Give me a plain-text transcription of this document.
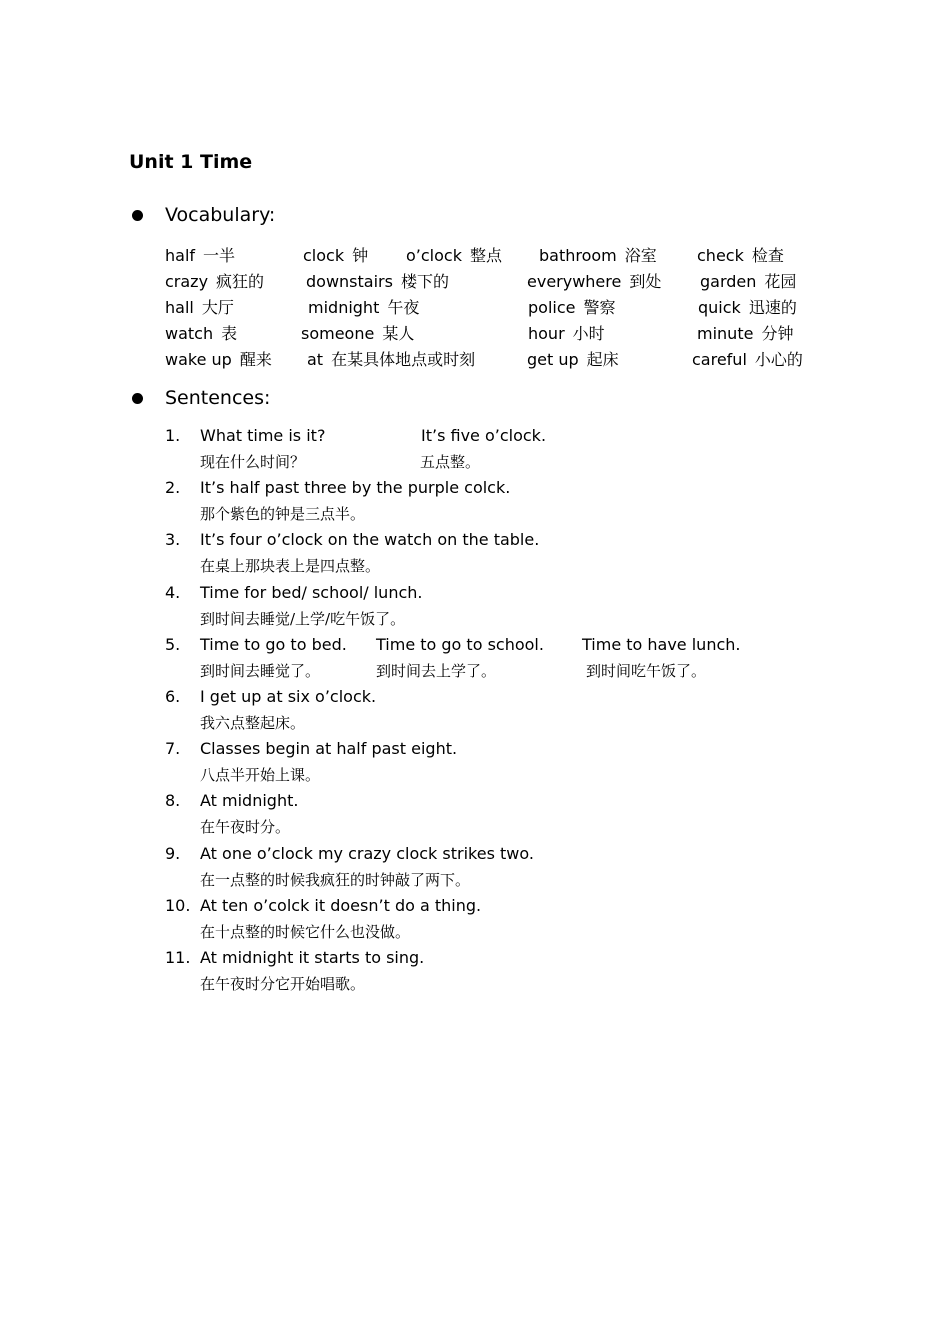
Unit 1 Time
Vocabulary:
half 一半	clock 钟 o’clock 整点 bathroom 浴室	check 检查
crazy 疯狂的	downstairs 楼下的	everywhere 到处 garden 花园
hall 大厅	midnight 午夜	police 警察	quick 迅速的
watch 表	someone 某人	hour 小时	minute 分钟
wake up 醒来 at 在某具体地点或时刻	get up 起床	careful 小心的
Sentences:
1. What time is it?	It’s five o’clock.
现在什么时间？	五点整。
2. It’s half past three by the purple colck.
那个紫色的钟是三点半。
3. It’s four o’clock on the watch on the table.
在桌上那块表上是四点整。
4. Time for bed/ school/ lunch.
到时间去睡觉/上学/吃午饭了。
5. Time to go to bed. Time to go to school. Time to have lunch.
到时间去睡觉了。	到时间去上学了。	到时间吃午饭了。
6. I get up at six o’clock.
我六点整起床。
7. Classes begin at half past eight.
八点半开始上课。
8. At midnight.
在午夜时分。
9. At one o’clock my crazy clock strikes two.
在一点整的时候我疯狂的时钟敲了两下。
10. At ten o’colck it doesn’t do a thing.
在十点整的时候它什么也没做。
11. At midnight it starts to sing.
在午夜时分它开始唱歌。
